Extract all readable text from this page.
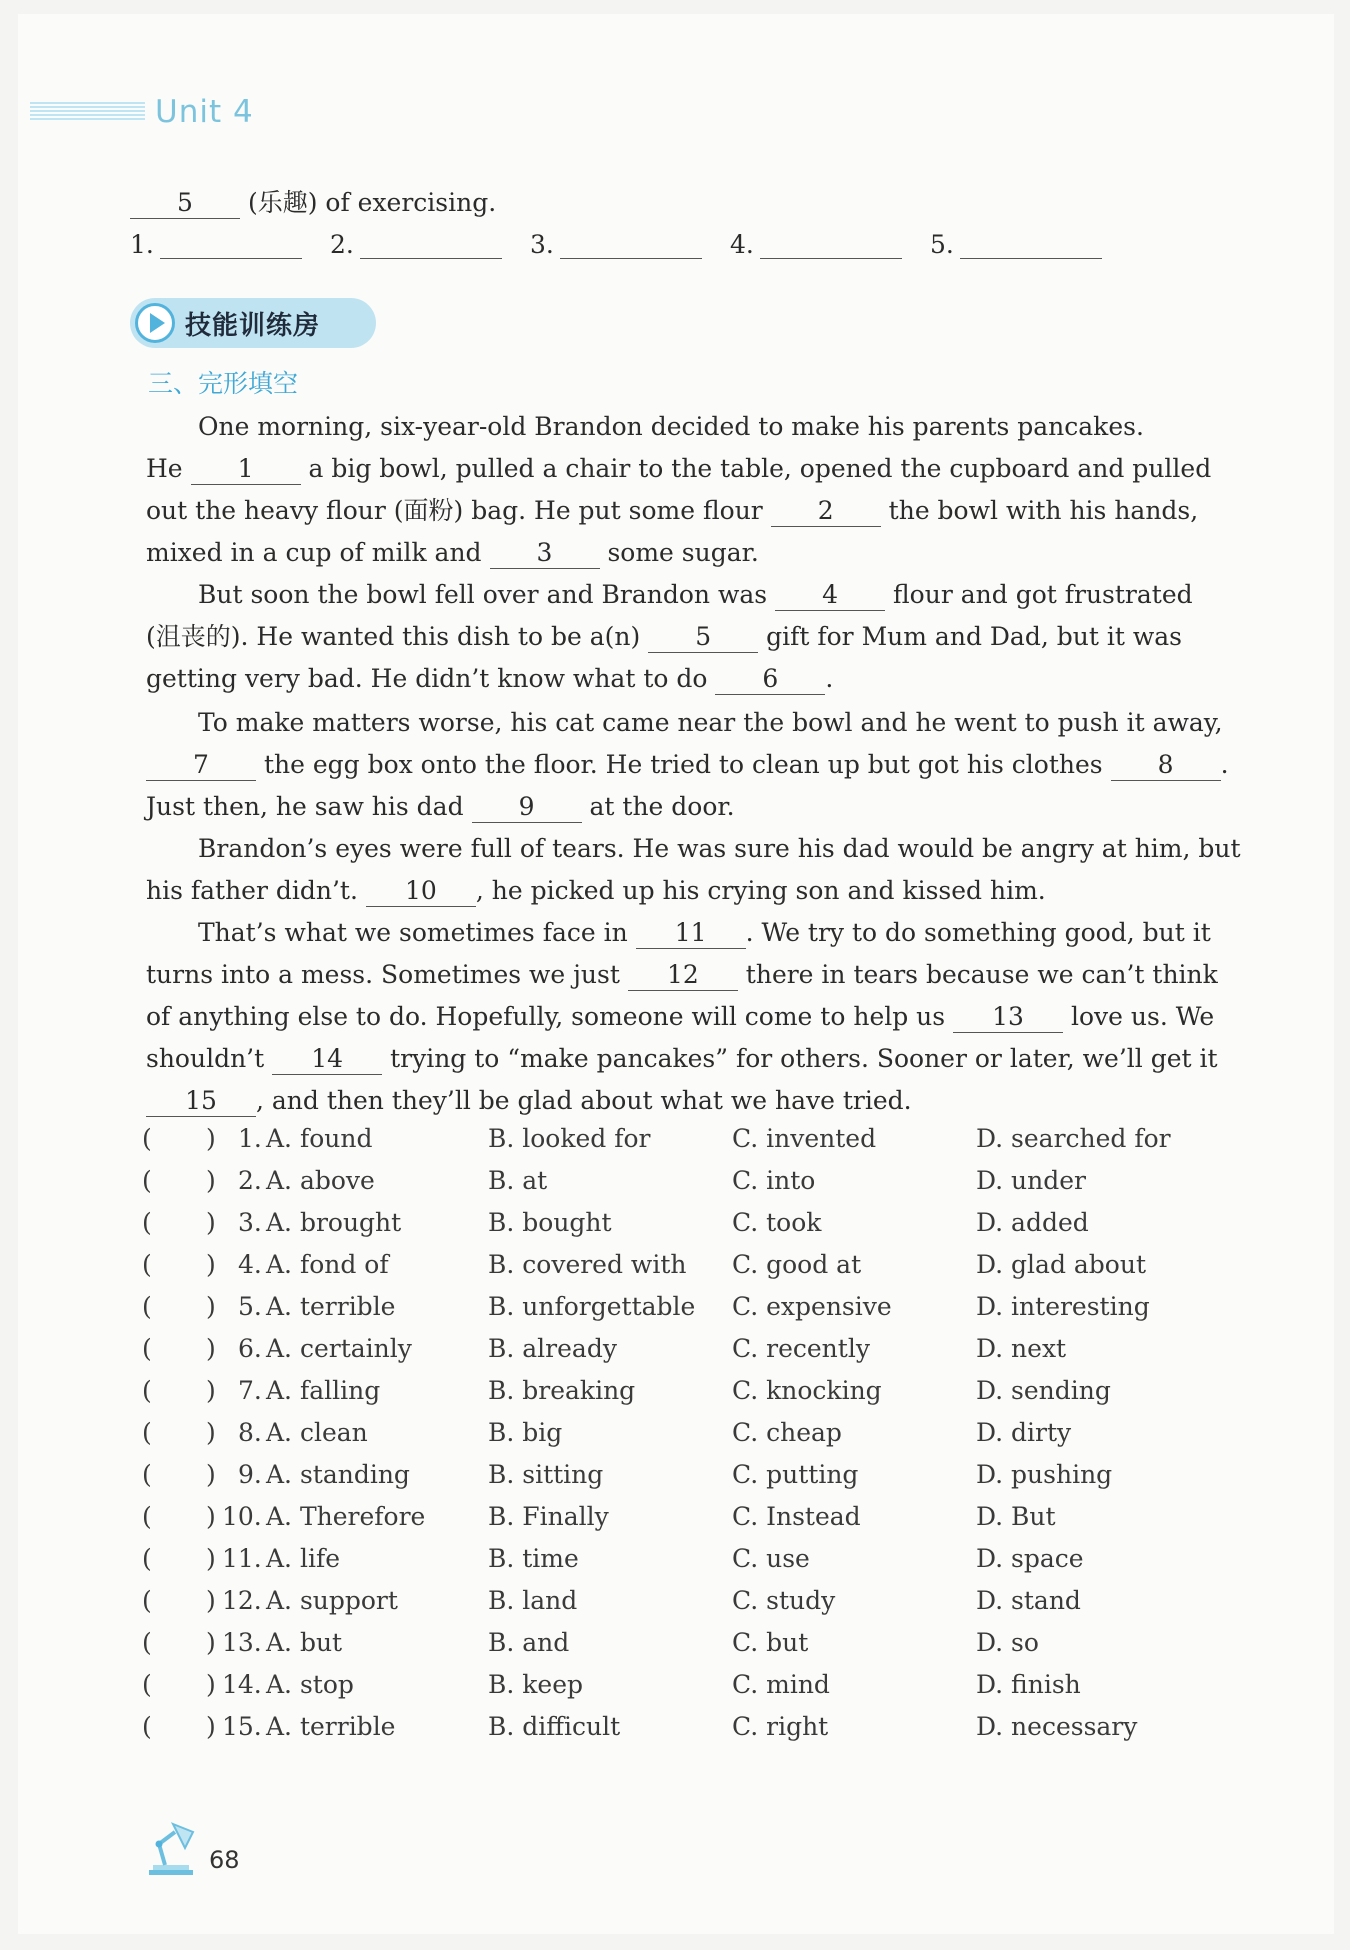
Unit 4
5 (乐趣) of exercising.
1.	2.	3.	4.	5.
技能训练房
三、完形填空
One morning, six-year-old Brandon decided to make his parents pancakes.
He 1 a big bowl, pulled a chair to the table, opened the cupboard and pulled
out the heavy flour (面粉) bag. He put some flour 2 the bowl with his hands,
mixed in a cup of milk and 3 some sugar.
But soon the bowl fell over and Brandon was 4 flour and got frustrated
(沮丧的). He wanted this dish to be a(n) 5 gift for Mum and Dad, but it was
getting very bad. He didn’t know what to do 6 .
To make matters worse, his cat came near the bowl and he went to push it away,
7 the egg box onto the floor. He tried to clean up but got his clothes 8 .
Just then, he saw his dad 9 at the door.
Brandon’s eyes were full of tears. He was sure his dad would be angry at him, but
his father didn’t. 10 , he picked up his crying son and kissed him.
That’s what we sometimes face in 11 . We try to do something good, but it
turns into a mess. Sometimes we just 12 there in tears because we can’t think
of anything else to do. Hopefully, someone will come to help us 13 love us. We
shouldn’t 14 trying to “make pancakes” for others. Sooner or later, we’ll get it
15 , and then they’ll be glad about what we have tried.
( ) 1. A. found	B. looked for	C. invented	D. searched for
( ) 2. A. above	B. at	C. into	D. under
( ) 3. A. brought	B. bought	C. took	D. added
( ) 4. A. fond of	B. covered with C. good at	D. glad about
( ) 5. A. terrible	B. unforgettable C. expensive	D. interesting
( ) 6. A. certainly	B. already	C. recently	D. next
( ) 7. A. falling	B. breaking	C. knocking	D. sending
( ) 8. A. clean	B. big	C. cheap	D. dirty
( ) 9. A. standing	B. sitting	C. putting	D. pushing
( ) 10. A. Therefore	B. Finally	C. Instead	D. But
( ) 11. A. life	B. time	C. use	D. space
( ) 12. A. support	B. land	C. study	D. stand
( ) 13. A. but	B. and	C. but	D. so
( ) 14. A. stop	B. keep	C. mind	D. finish
( ) 15. A. terrible	B. difficult	C. right	D. necessary
68
